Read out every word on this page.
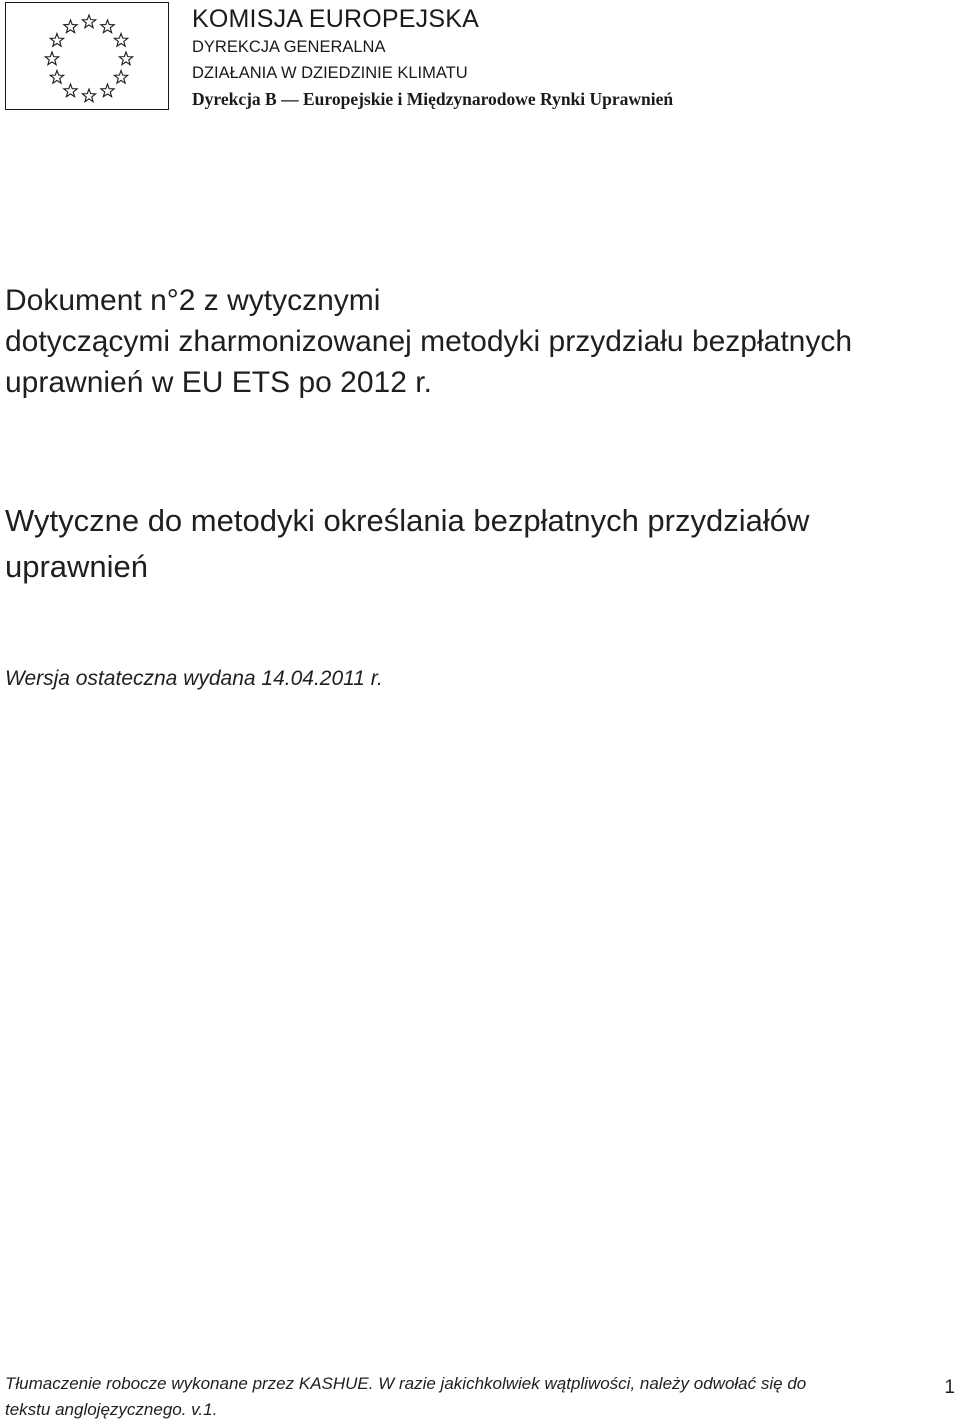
KOMISJA EUROPEJSKA
DYREKCJA GENERALNA
DZIAŁANIA W DZIEDZINIE KLIMATU
Dyrekcja B — Europejskie i Międzynarodowe Rynki Uprawnień
Dokument n°2 z wytycznymi
dotyczącymi zharmonizowanej metodyki przydziału bezpłatnych
uprawnień w EU ETS po 2012 r.
Wytyczne do metodyki określania bezpłatnych przydziałów
uprawnień
Wersja ostateczna wydana 14.04.2011 r.
Tłumaczenie robocze wykonane przez KASHUE. W razie jakichkolwiek wątpliwości, należy odwołać się do
tekstu anglojęzycznego. v.1.
1
